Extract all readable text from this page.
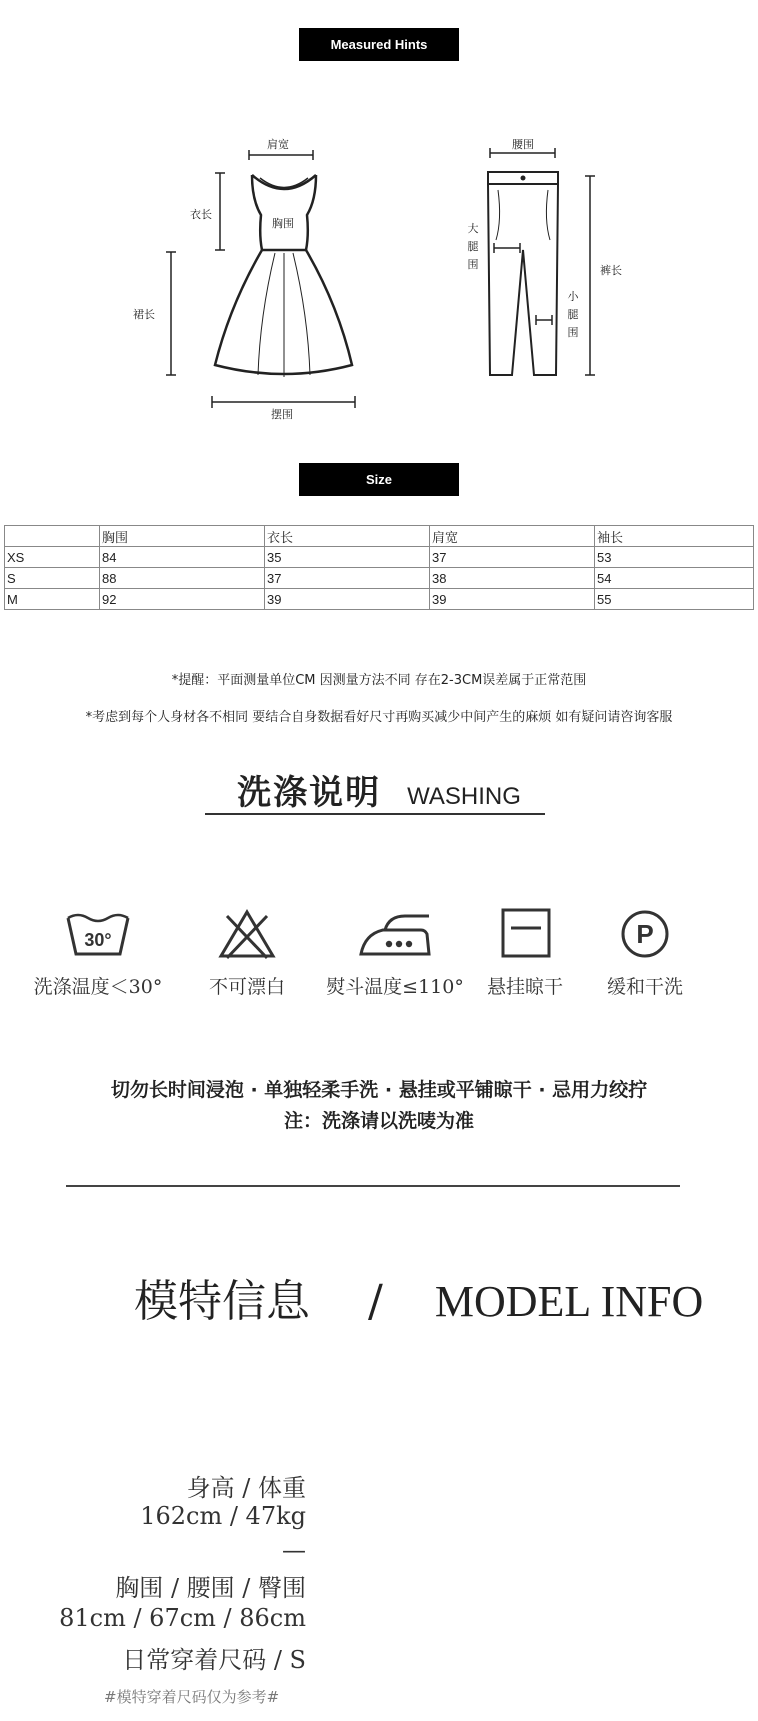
Measured Hints
肩宽
衣长
胸围
裙长
摆围
腰围
大腿围
小腿围
裤长
Size
	胸围	衣长	肩宽	袖长
XS	84	35	37	53
S	88	37	38	54
M	92	39	39	55
*提醒：平面测量单位CM 因测量方法不同 存在2-3CM误差属于正常范围
*考虑到每个人身材各不相同 要结合自身数据看好尺寸再购买减少中间产生的麻烦 如有疑问请咨询客服
洗涤说明 WASHING
30°
洗涤温度＜30°	不可漂白	熨斗温度≤110°	悬挂晾干
P
缓和干洗
切勿长时间浸泡 · 单独轻柔手洗 · 悬挂或平铺晾干 · 忌用力绞拧
注：洗涤请以洗唛为准
模特信息 / MODEL INFO
身高 / 体重
162cm / 47kg
—
胸围 / 腰围 / 臀围
81cm / 67cm / 86cm
日常穿着尺码 / S
#模特穿着尺码仅为参考#
